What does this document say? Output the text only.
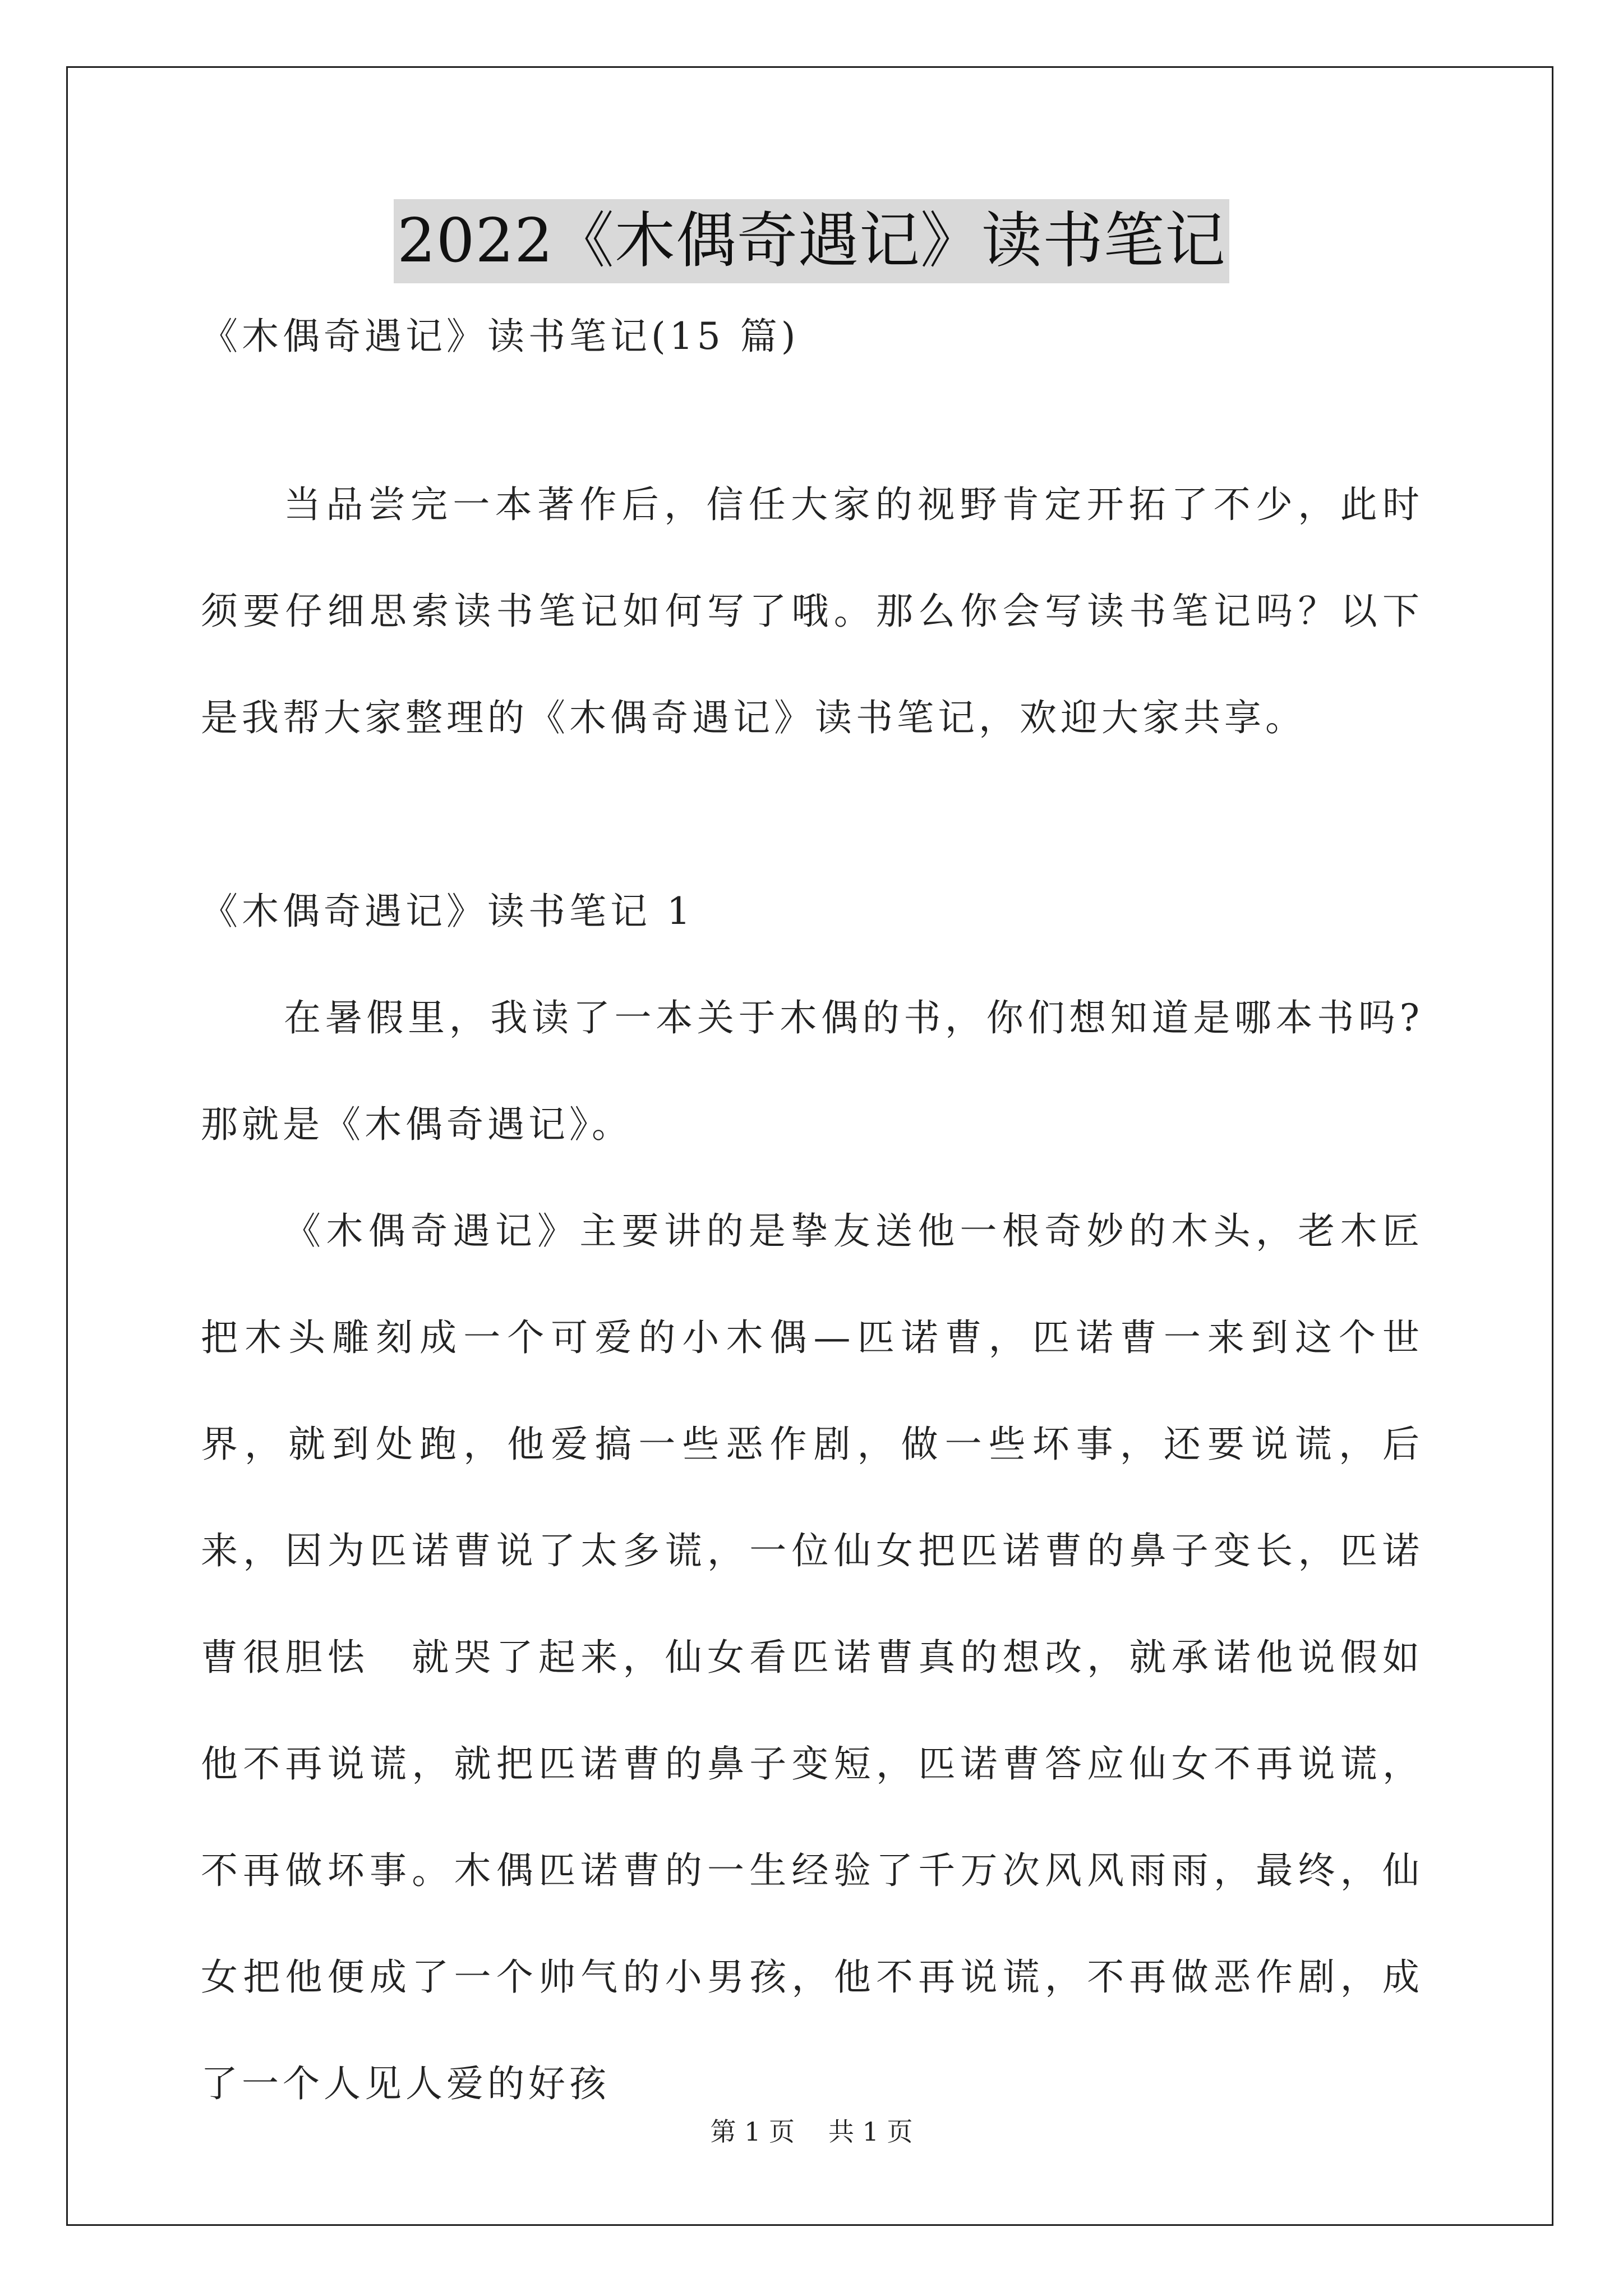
2022《木偶奇遇记》读书笔记
《木偶奇遇记》读书笔记(15 篇)
当品尝完一本著作后，信任大家的视野肯定开拓了不少，此时须要仔细思索读书笔记如何写了哦。那么你会写读书笔记吗？以下是我帮大家整理的《木偶奇遇记》读书笔记，欢迎大家共享。
《木偶奇遇记》读书笔记 1
在暑假里，我读了一本关于木偶的书，你们想知道是哪本书吗?那就是《木偶奇遇记》。
《木偶奇遇记》主要讲的是挚友送他一根奇妙的木头，老木匠把木头雕刻成一个可爱的小木偶—匹诺曹，匹诺曹一来到这个世界，就到处跑，他爱搞一些恶作剧，做一些坏事，还要说谎，后来，因为匹诺曹说了太多谎，一位仙女把匹诺曹的鼻子变长，匹诺曹很胆怯　就哭了起来，仙女看匹诺曹真的想改，就承诺他说假如他不再说谎，就把匹诺曹的鼻子变短，匹诺曹答应仙女不再说谎，不再做坏事。木偶匹诺曹的一生经验了千万次风风雨雨，最终，仙女把他便成了一个帅气的小男孩，他不再说谎，不再做恶作剧，成了一个人见人爱的好孩
第 1 页 共 1 页
